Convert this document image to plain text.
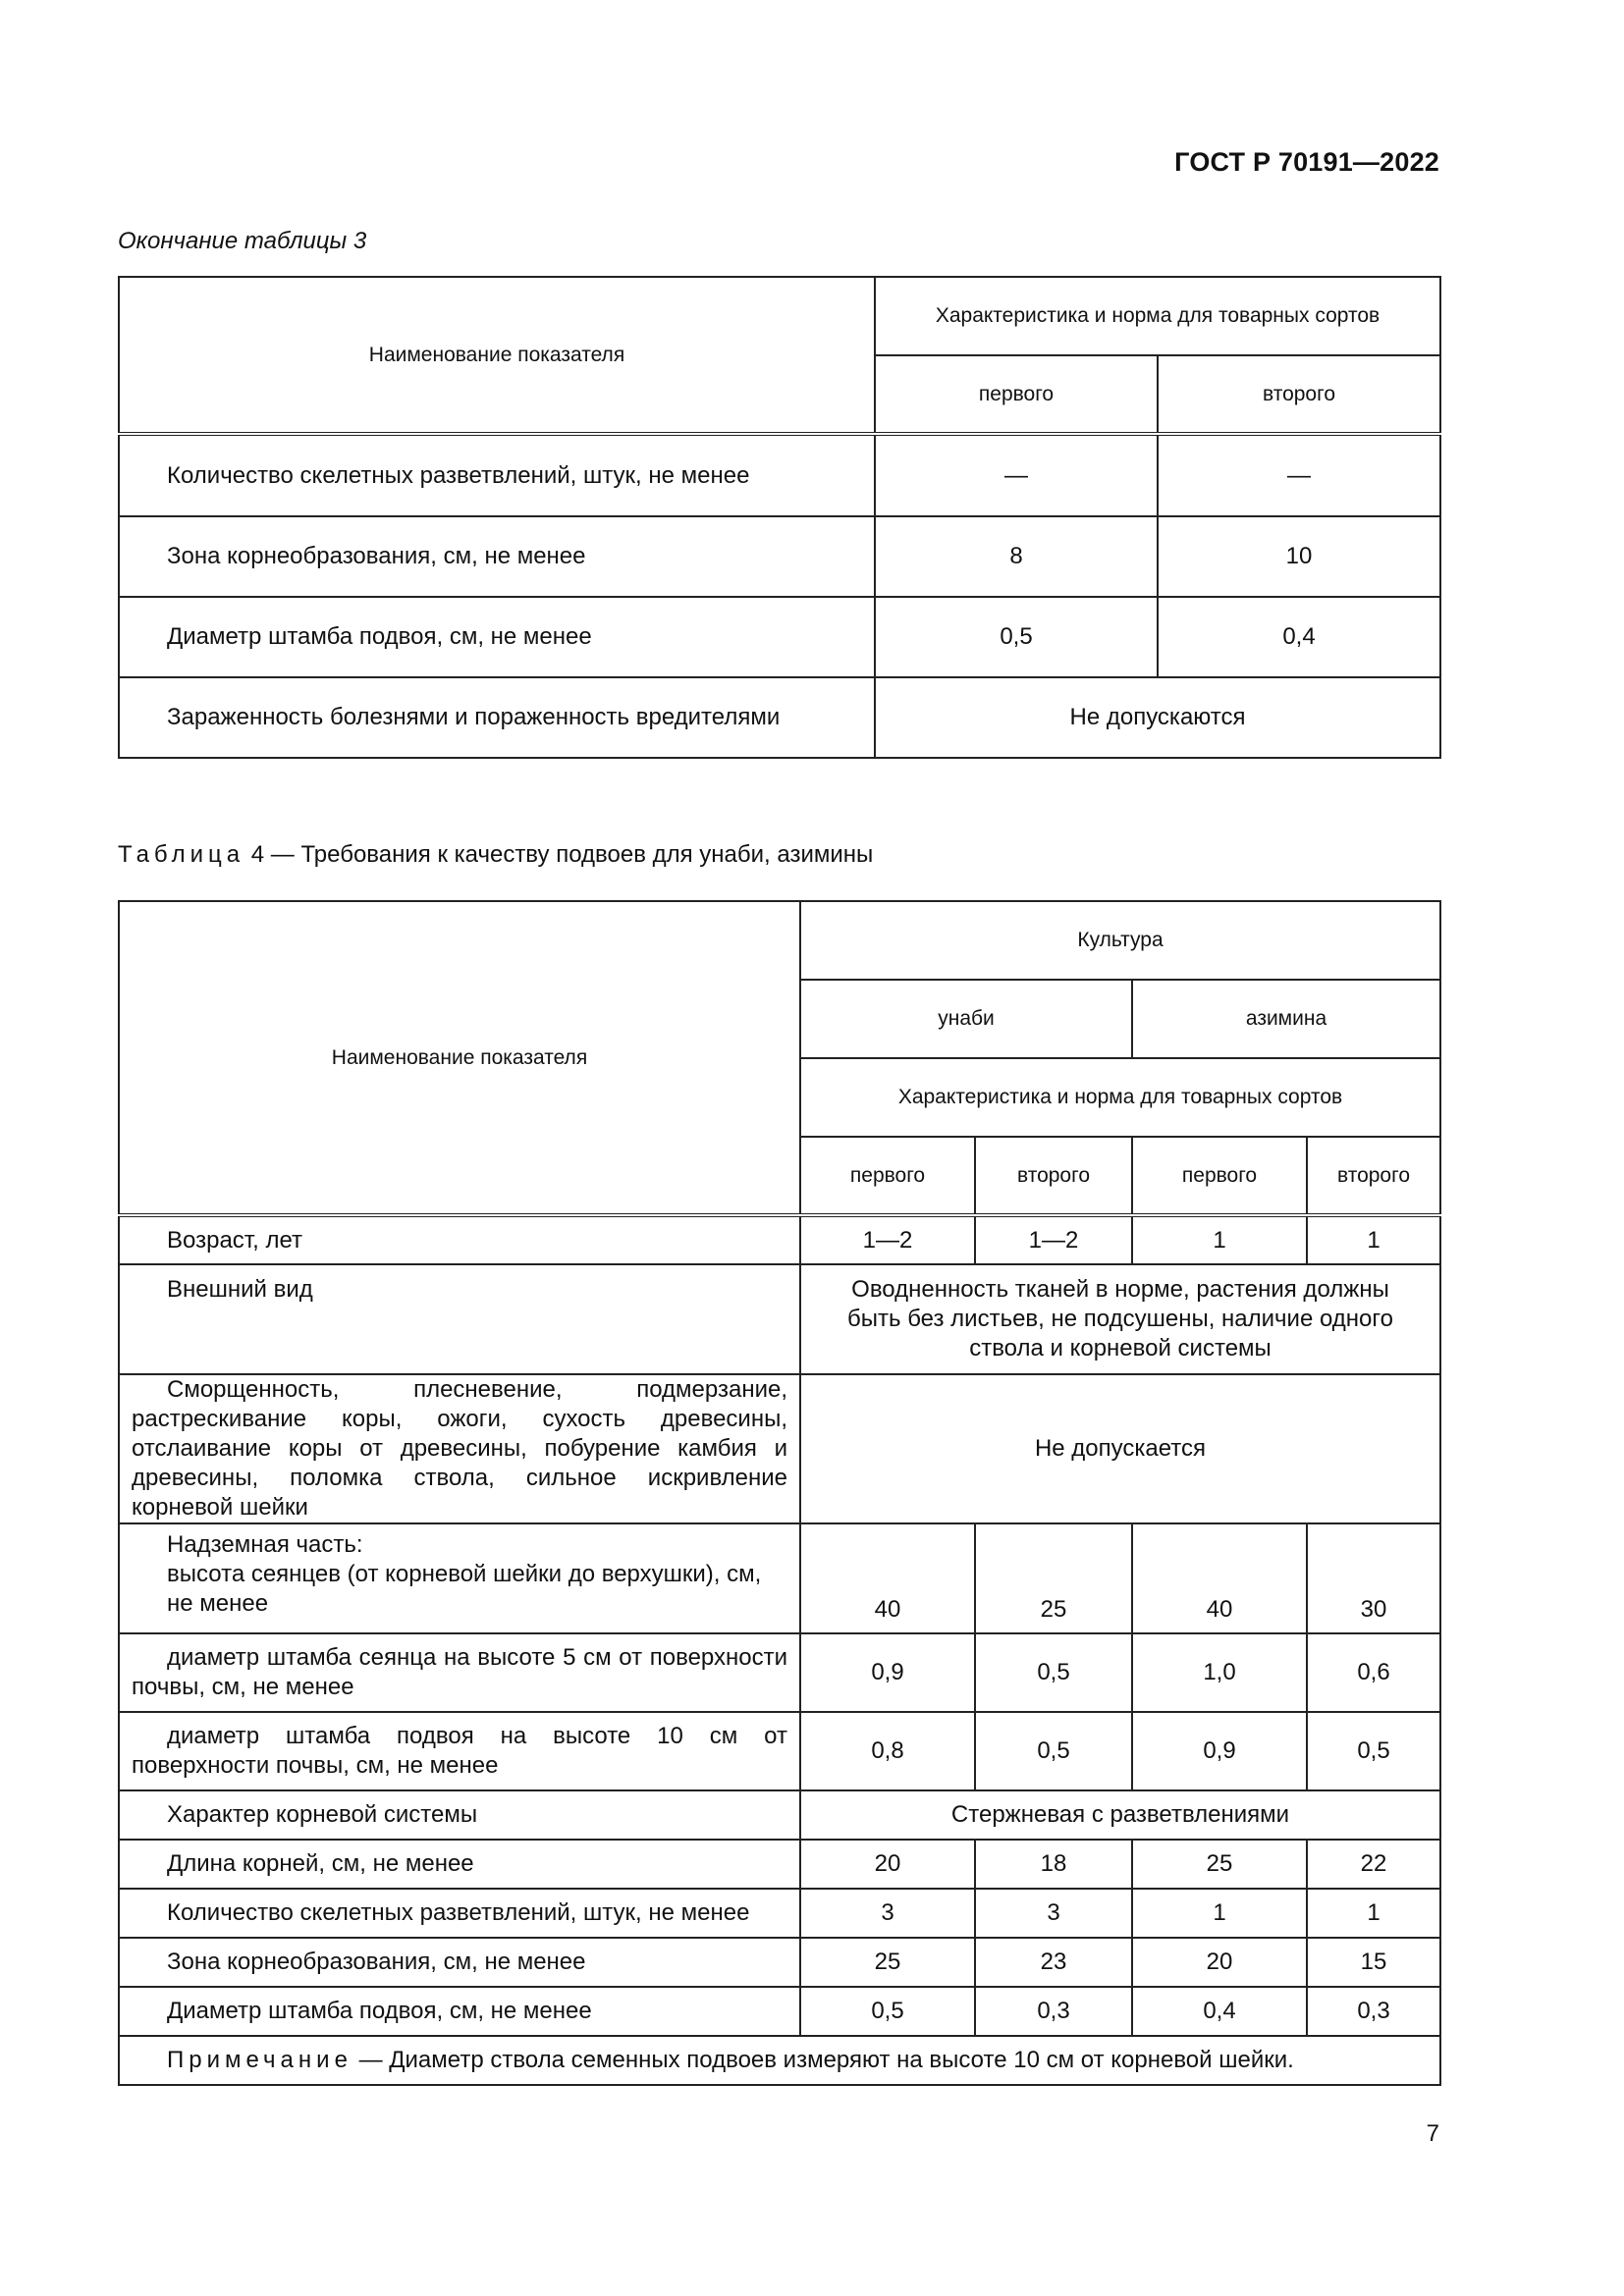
ГОСТ Р 70191—2022
Окончание таблицы 3
Наименование показателя	Характеристика и норма для товарных сортов	
	первого	второго
Количество скелетных разветвлений, штук, не менее	—	—
Зона корнеобразования, см, не менее	8	10
Диаметр штамба подвоя, см, не менее	0,5	0,4
Зараженность болезнями и пораженность вредителями	Не допускаются	
Таблица 4 — Требования к качеству подвоев для унаби, азимины
Наименование показателя	Культура			
	унаби		азимина	
	Характеристика и норма для товарных сортов			
	первого	второго	первого	второго
Возраст, лет	1—2	1—2	1	1
Внешний вид	Оводненность тканей в норме, растения должны быть без листьев, не подсушены, наличие одного ствола и корневой системы			
Сморщенность, плесневение, подмерзание, растрескивание коры, ожоги, сухость древесины, отслаивание коры от древесины, побурение камбия и древесины, поломка ствола, сильное искривление корневой шейки	Не допускается			

Надземная часть:
высота сеянцев (от корневой шейки до верхушки), см, не менее	40	25	40	30
диаметр штамба сеянца на высоте 5 см от поверхности почвы, см, не менее	0,9	0,5	1,0	0,6
диаметр штамба подвоя на высоте 10 см от поверхности почвы, см, не менее	0,8	0,5	0,9	0,5
Характер корневой системы	Стержневая с разветвлениями			
Длина корней, см, не менее	20	18	25	22
Количество скелетных разветвлений, штук, не менее	3	3	1	1
Зона корнеобразования, см, не менее	25	23	20	15
Диаметр штамба подвоя, см, не менее	0,5	0,3	0,4	0,3
Примечание — Диаметр ствола семенных подвоев измеряют на высоте 10 см от корневой шейки.				
7
